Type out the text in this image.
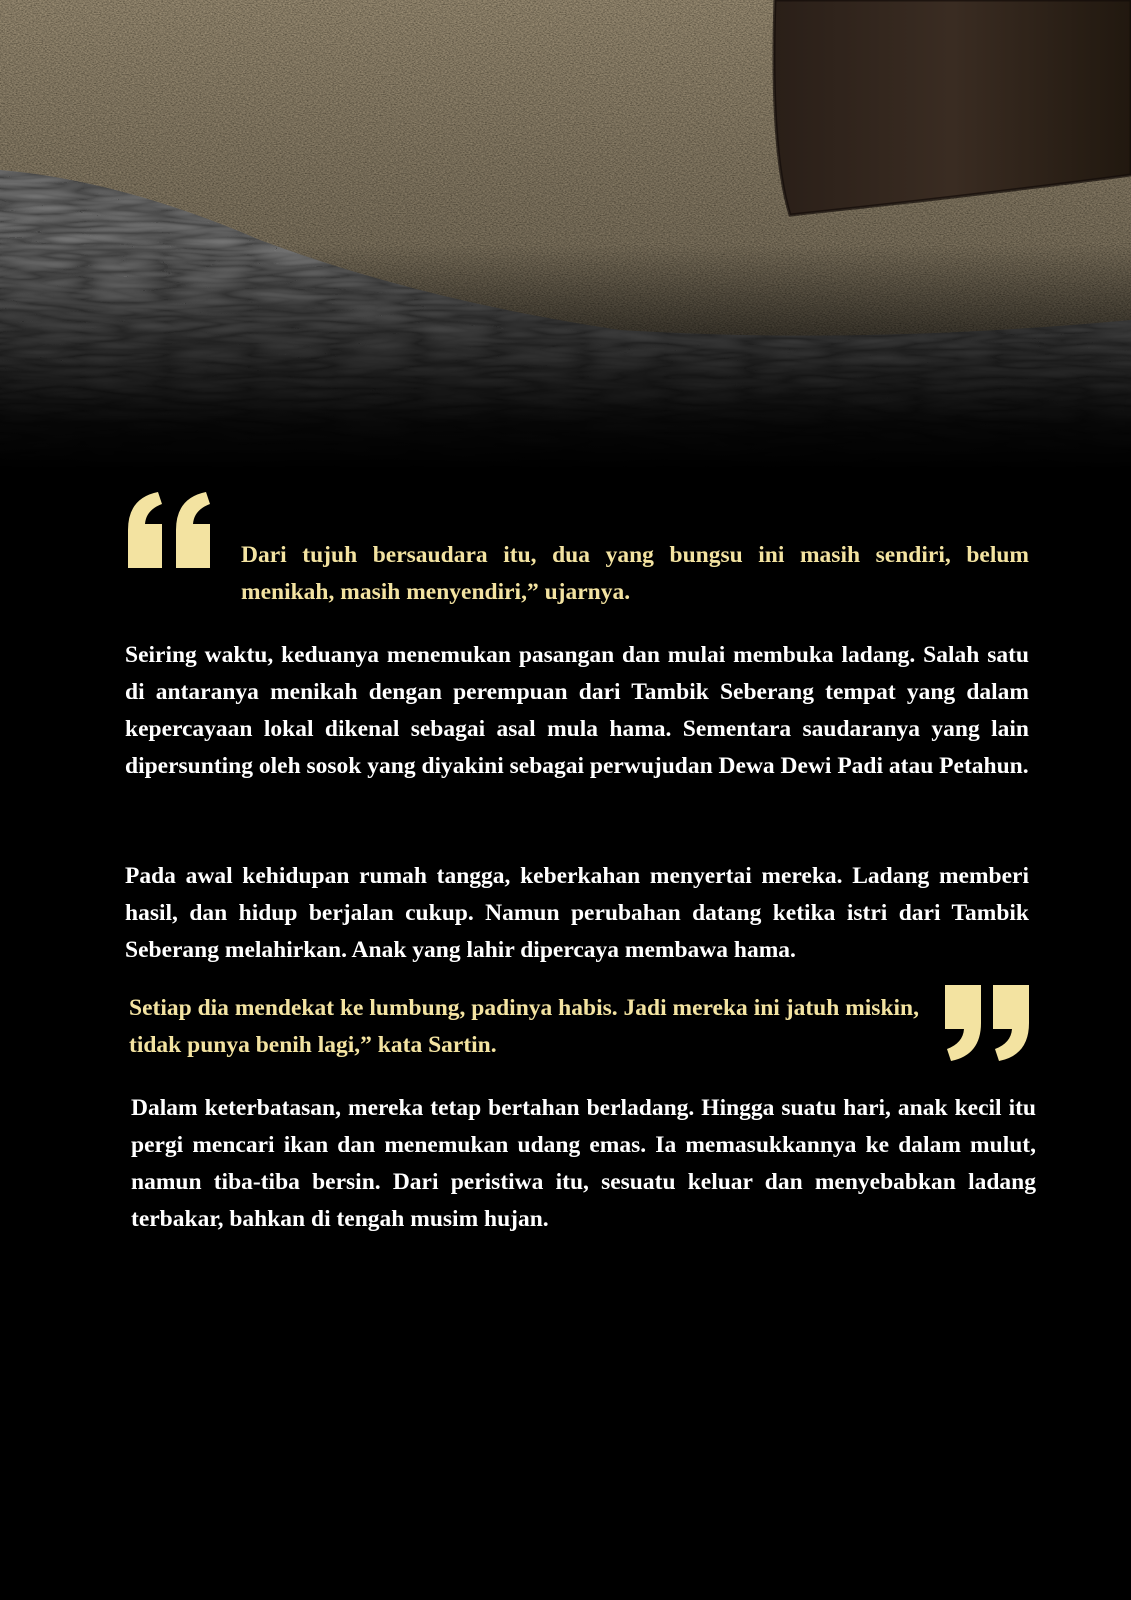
Dari tujuh bersaudara itu, dua yang bungsu ini masih sendiri, belum menikah, masih menyendiri,” ujarnya.

Seiring waktu, keduanya menemukan pasangan dan mulai membuka ladang. Salah satu di antaranya menikah dengan perempuan dari Tambik Seberang tempat yang dalam kepercayaan lokal dikenal sebagai asal mula hama. Sementara saudaranya yang lain dipersunting oleh sosok yang diyakini sebagai perwujudan Dewa Dewi Padi atau Petahun.

Pada awal kehidupan rumah tangga, keberkahan menyertai mereka. Ladang memberi hasil, dan hidup berjalan cukup. Namun perubahan datang ketika istri dari Tambik Seberang melahirkan. Anak yang lahir dipercaya membawa hama.

Setiap dia mendekat ke lumbung, padinya habis. Jadi mereka ini jatuh miskin, tidak punya benih lagi,” kata Sartin.

Dalam keterbatasan, mereka tetap bertahan berladang. Hingga suatu hari, anak kecil itu pergi mencari ikan dan menemukan udang emas. Ia memasukkannya ke dalam mulut, namun tiba-tiba bersin. Dari peristiwa itu, sesuatu keluar dan menyebabkan ladang terbakar, bahkan di tengah musim hujan.
